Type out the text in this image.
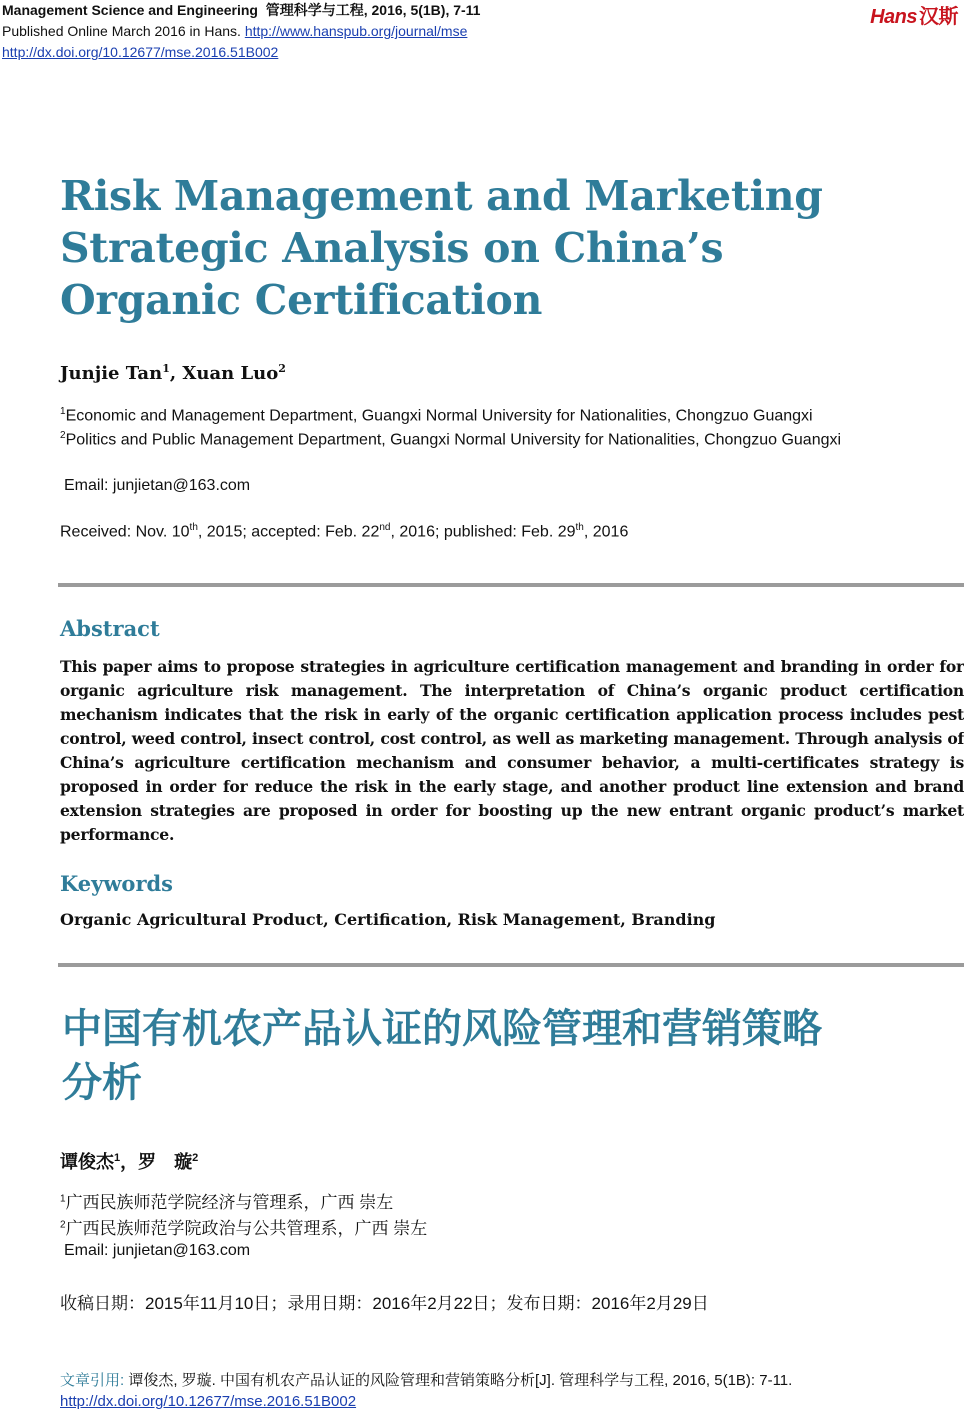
Management Science and Engineering 管理科学与工程, 2016, 5(1B), 7-11
Published Online March 2016 in Hans. http://www.hanspub.org/journal/mse
http://dx.doi.org/10.12677/mse.2016.51B002
Hans 汉斯
Risk Management and Marketing
Strategic Analysis on China’s
Organic Certification
Junjie Tan$^1$, Xuan Luo$^2$
$^1$Economic and Management Department, Guangxi Normal University for Nationalities, Chongzuo Guangxi
$^2$Politics and Public Management Department, Guangxi Normal University for Nationalities, Chongzuo Guangxi
Email: junjietan@163.com
Received: Nov. 10th, 2015; accepted: Feb. 22nd, 2016; published: Feb. 29th, 2016
Abstract

This paper aims to propose strategies in agriculture certification management and branding in order for organic agriculture risk management. The interpretation of China’s organic product certification mechanism indicates that the risk in early of the organic certification application process includes pest control, weed control, insect control, cost control, as well as marketing management. Through analysis of China’s agriculture certification mechanism and consumer behavior, a multi-certificates strategy is proposed in order for reduce the risk in the early stage, and another product line extension and brand extension strategies are proposed in order for boosting up the new entrant organic product’s market performance.

Keywords
Organic Agricultural Product, Certification, Risk Management, Branding
中国有机农产品认证的风险管理和营销策略
分析
谭俊杰$^1$，罗　璇$^2$
$^1$广西民族师范学院经济与管理系，广西 崇左
$^2$广西民族师范学院政治与公共管理系，广西 崇左
Email: junjietan@163.com
收稿日期：2015年11月10日；录用日期：2016年2月22日；发布日期：2016年2月29日
文章引用: 谭俊杰, 罗璇. 中国有机农产品认证的风险管理和营销策略分析[J]. 管理科学与工程, 2016, 5(1B): 7-11.
http://dx.doi.org/10.12677/mse.2016.51B002
